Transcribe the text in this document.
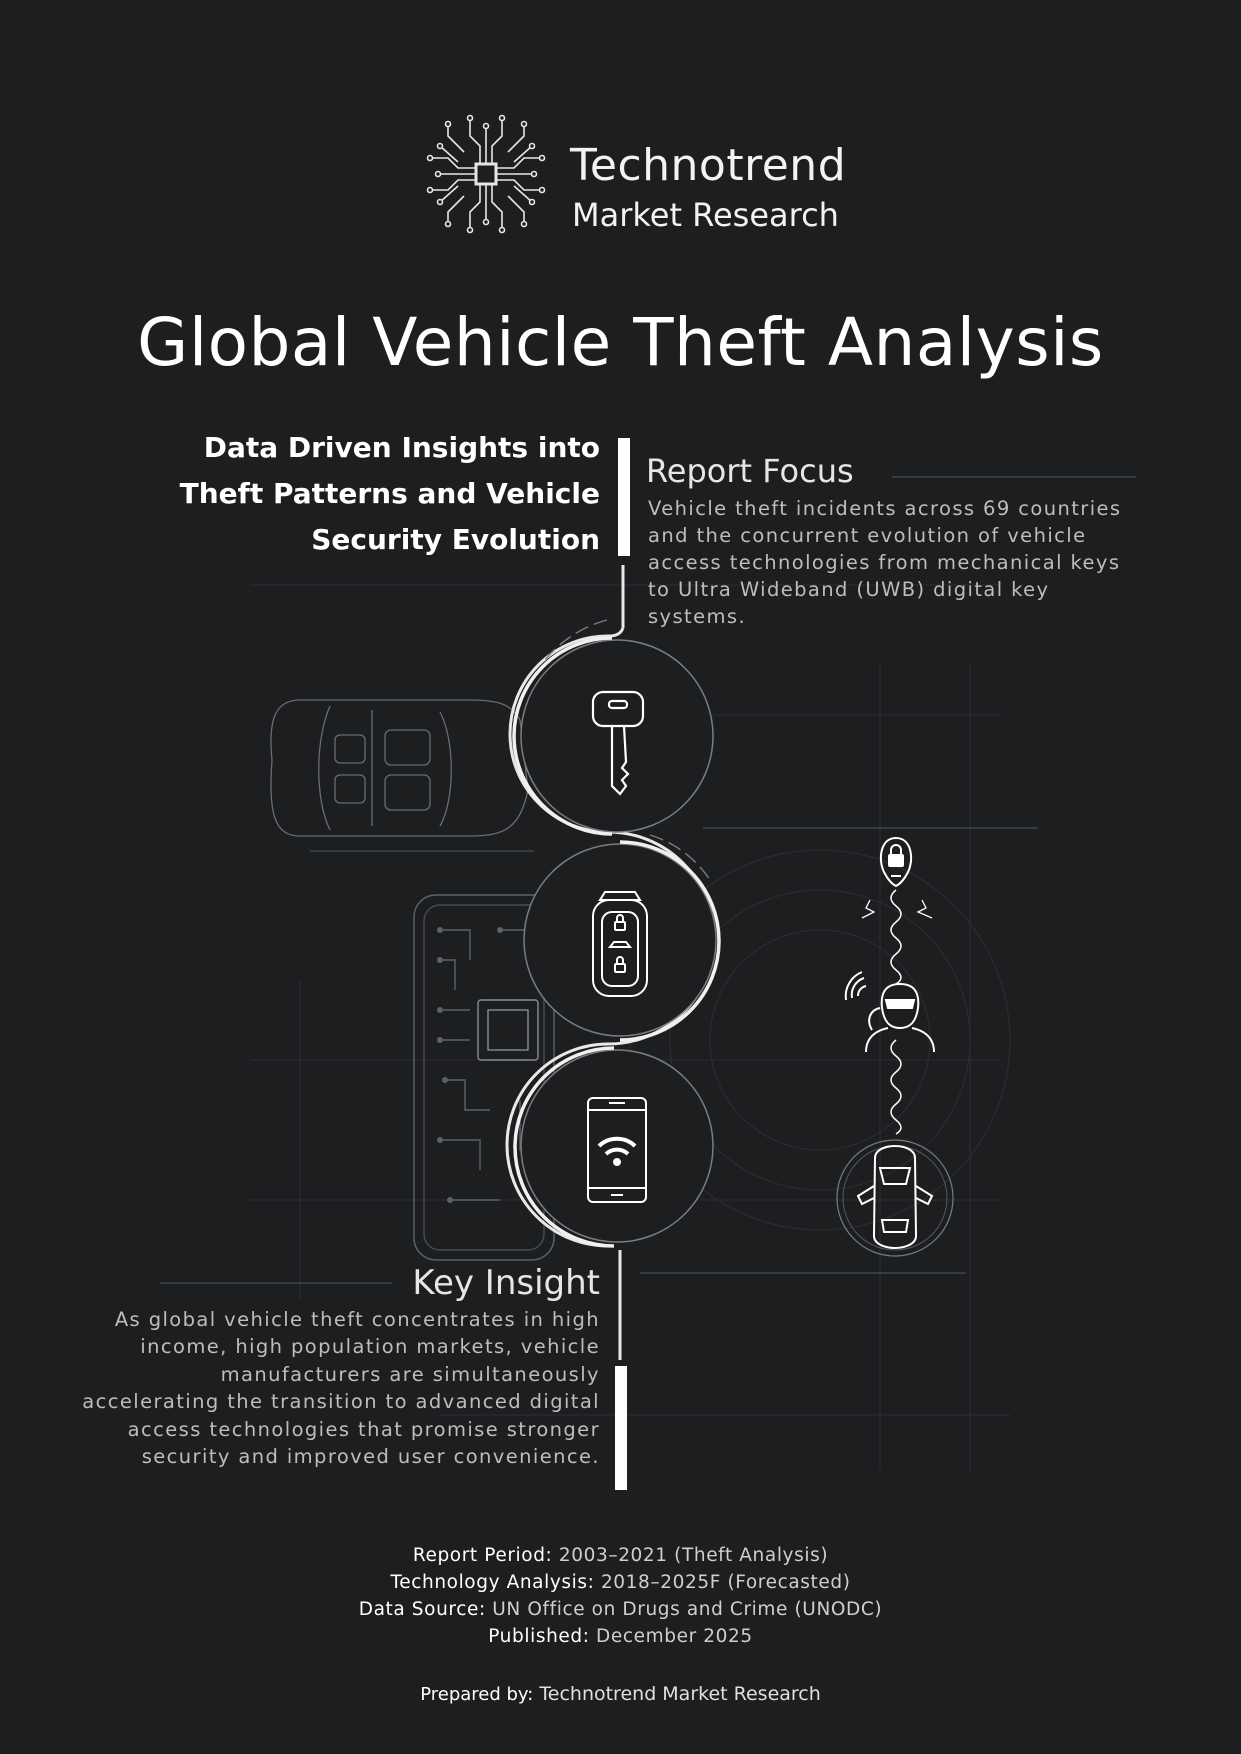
Technotrend
Market Research
Global Vehicle Theft Analysis
Data Driven Insights into
Theft Patterns and Vehicle
Security Evolution
Report Focus
Vehicle theft incidents across 69 countries and the concurrent evolution of vehicle access technologies from mechanical keys to Ultra Wideband (UWB) digital key systems.
Key Insight
As global vehicle theft concentrates in high income, high population markets, vehicle manufacturers are simultaneously accelerating the transition to advanced digital access technologies that promise stronger security and improved user convenience.
Report Period: 2003–2021 (Theft Analysis)
Technology Analysis: 2018–2025F (Forecasted)
Data Source: UN Office on Drugs and Crime (UNODC)
Published: December 2025
Prepared by: Technotrend Market Research
